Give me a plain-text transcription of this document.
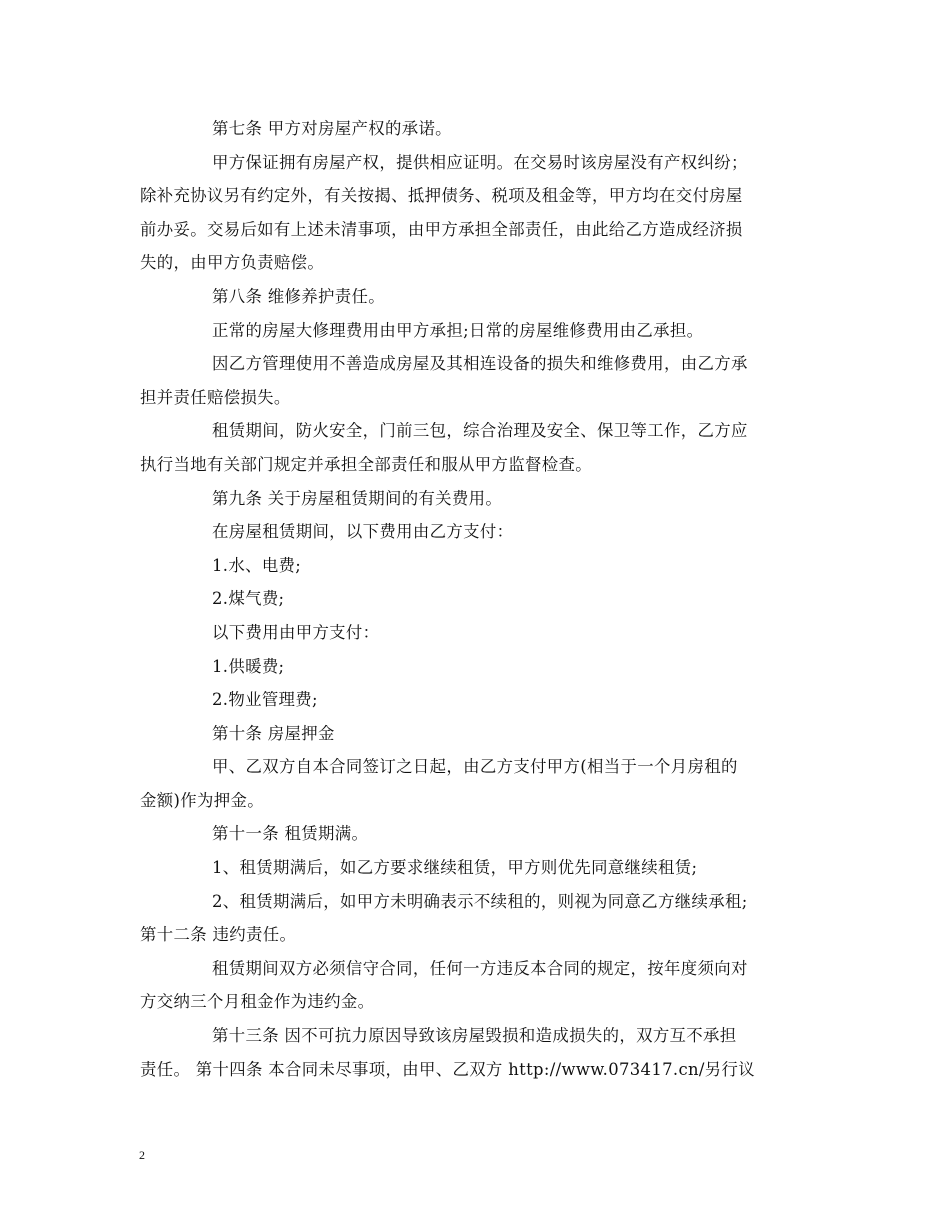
第七条 甲方对房屋产权的承诺。
甲方保证拥有房屋产权，提供相应证明。在交易时该房屋没有产权纠纷；
除补充协议另有约定外，有关按揭、抵押债务、税项及租金等，甲方均在交付房屋
前办妥。交易后如有上述未清事项，由甲方承担全部责任，由此给乙方造成经济损
失的，由甲方负责赔偿。
第八条 维修养护责任。
正常的房屋大修理费用由甲方承担;日常的房屋维修费用由乙承担。
因乙方管理使用不善造成房屋及其相连设备的损失和维修费用，由乙方承
担并责任赔偿损失。
租赁期间，防火安全，门前三包，综合治理及安全、保卫等工作，乙方应
执行当地有关部门规定并承担全部责任和服从甲方监督检查。
第九条 关于房屋租赁期间的有关费用。
在房屋租赁期间，以下费用由乙方支付：
1.水、电费;
2.煤气费;
以下费用由甲方支付：
1.供暖费;
2.物业管理费;
第十条 房屋押金
甲、乙双方自本合同签订之日起，由乙方支付甲方(相当于一个月房租的
金额)作为押金。
第十一条 租赁期满。
1、租赁期满后，如乙方要求继续租赁，甲方则优先同意继续租赁;
2、租赁期满后，如甲方未明确表示不续租的，则视为同意乙方继续承租;
第十二条 违约责任。
租赁期间双方必须信守合同，任何一方违反本合同的规定，按年度须向对
方交纳三个月租金作为违约金。
第十三条 因不可抗力原因导致该房屋毁损和造成损失的，双方互不承担
责任。 第十四条 本合同未尽事项，由甲、乙双方 http://www.073417.cn/另行议
2
